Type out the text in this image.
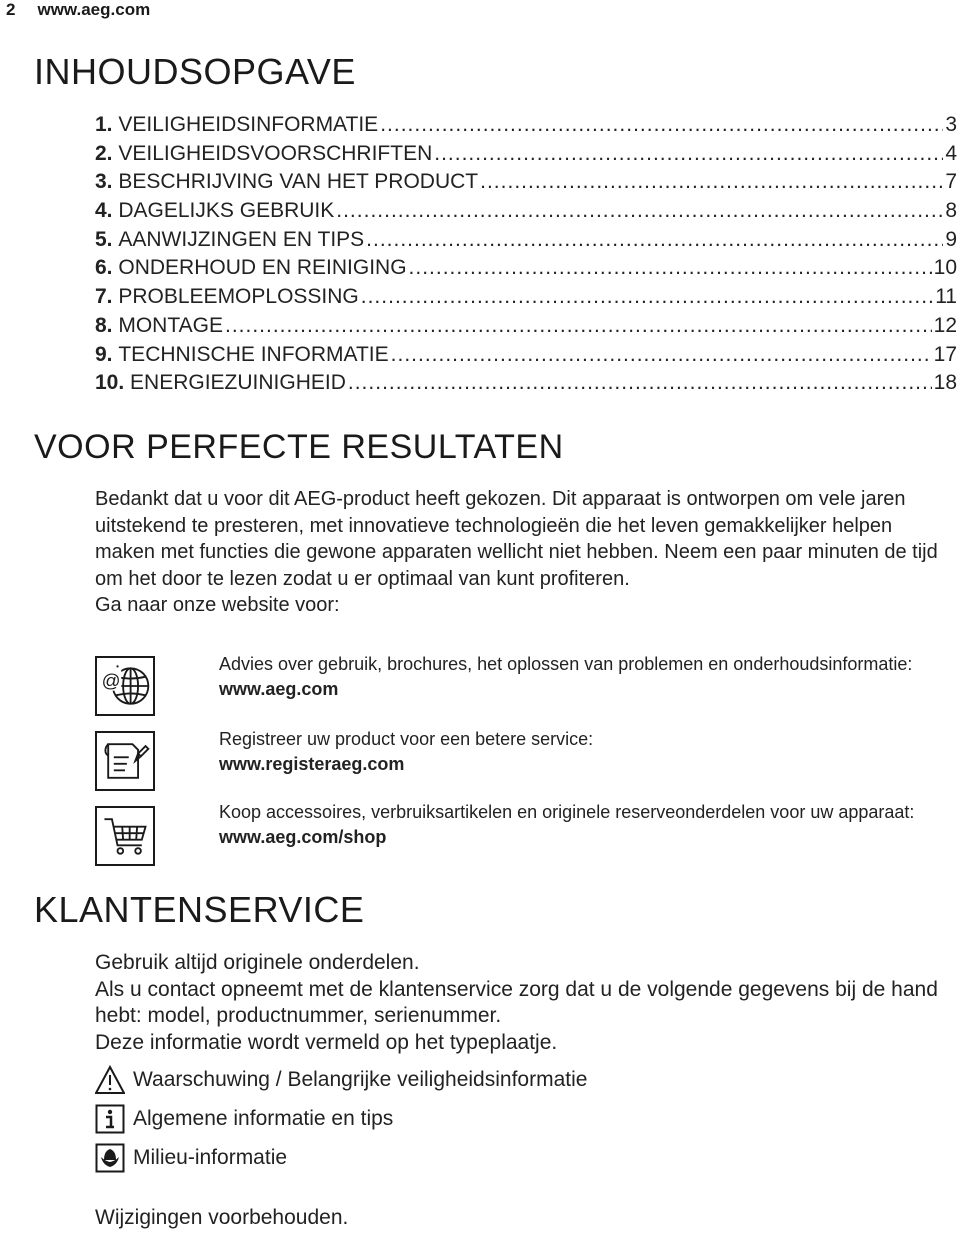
2 www.aeg.com
INHOUDSOPGAVE
1. VEILIGHEIDSINFORMATIE .....	3
2. VEILIGHEIDSVOORSCHRIFTEN .....	4
3. BESCHRIJVING VAN HET PRODUCT .....	7
4. DAGELIJKS GEBRUIK .....	8
5. AANWIJZINGEN EN TIPS .....	9
6. ONDERHOUD EN REINIGING .....	10
7. PROBLEEMOPLOSSING .....	11
8. MONTAGE .....	12
9. TECHNISCHE INFORMATIE .....	17
10. ENERGIEZUINIGHEID .....	18
VOOR PERFECTE RESULTATEN

Bedankt dat u voor dit AEG-product heeft gekozen. Dit apparaat is ontworpen om vele jaren uitstekend te presteren, met innovatieve technologieën die het leven gemakkelijker helpen maken met functies die gewone apparaten wellicht niet hebben. Neem een paar minuten de tijd om het door te lezen zodat u er optimaal van kunt profiteren.

Ga naar onze website voor:

@

Advies over gebruik, brochures, het oplossen van problemen en onderhoudsinformatie:

www.aeg.com

Registreer uw product voor een betere service:

www.registeraeg.com

Koop accessoires, verbruiksartikelen en originele reserveonderdelen voor uw apparaat:

www.aeg.com/shop

KLANTENSERVICE

Gebruik altijd originele onderdelen.

Als u contact opneemt met de klantenservice zorg dat u de volgende gegevens bij de hand hebt: model, productnummer, serienummer.

Deze informatie wordt vermeld op het typeplaatje.

Waarschuwing / Belangrijke veiligheidsinformatie
Algemene informatie en tips
Milieu-informatie
Wijzigingen voorbehouden.
